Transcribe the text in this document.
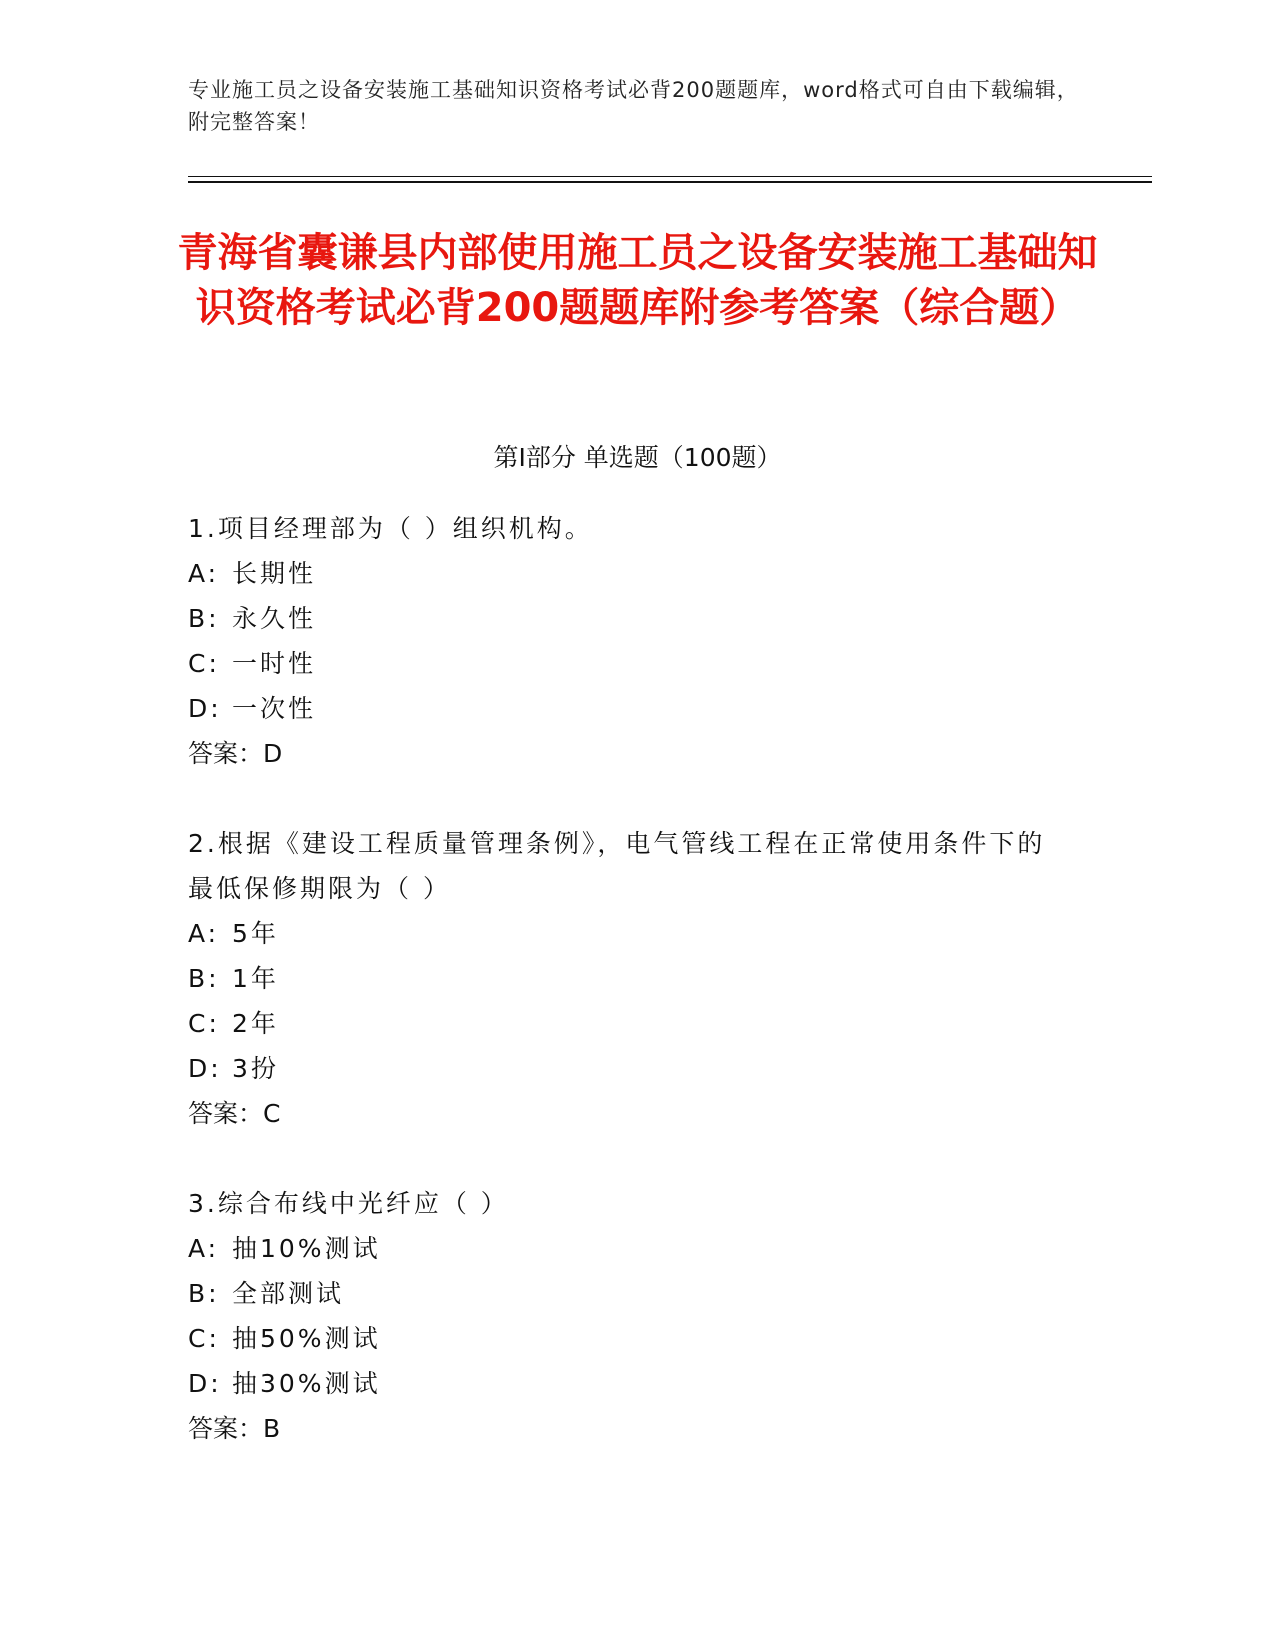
专业施工员之设备安装施工基础知识资格考试必背200题题库，word格式可自由下载编辑，附完整答案！
青海省囊谦县内部使用施工员之设备安装施工基础知识资格考试必背200题题库附参考答案（综合题）
第Ⅰ部分 单选题（100题）
1.项目经理部为（ ）组织机构。
A: 长期性
B: 永久性
C: 一时性
D: 一次性
答案：D
2.根据《建设工程质量管理条例》，电气管线工程在正常使用条件下的最低保修期限为（ ）
A: 5年
B: 1年
C: 2年
D: 3扮
答案：C
3.综合布线中光纤应（ ）
A: 抽10%测试
B: 全部测试
C: 抽50%测试
D: 抽30%测试
答案：B
